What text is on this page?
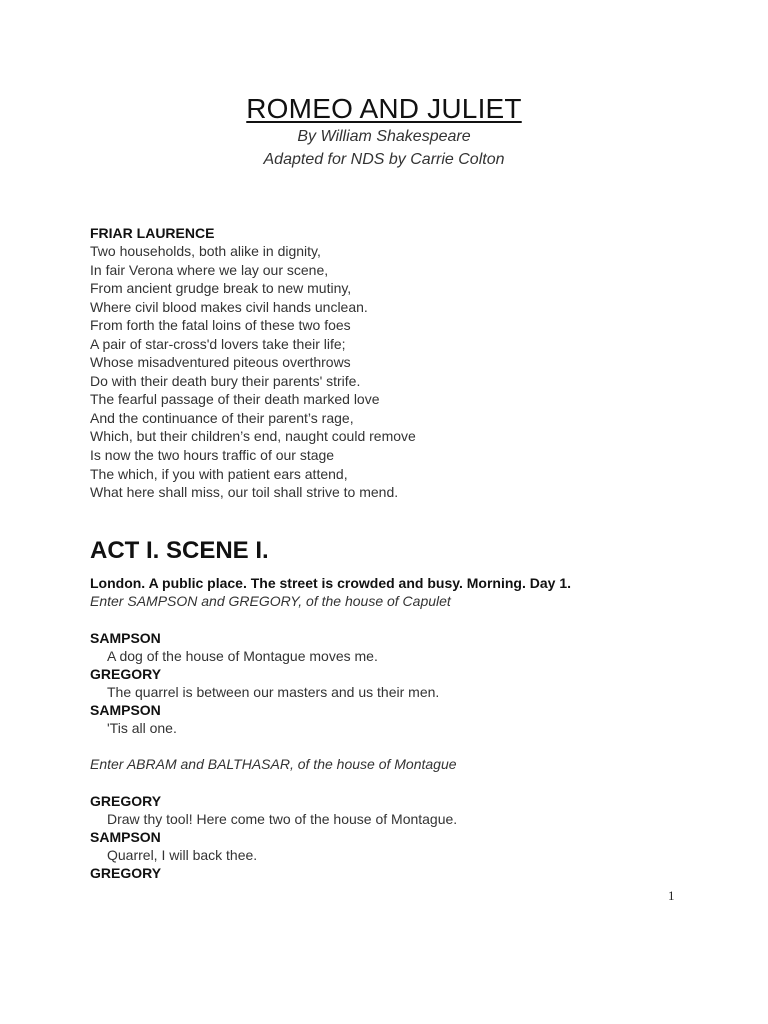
ROMEO AND JULIET
By William Shakespeare
Adapted for NDS by Carrie Colton
FRIAR LAURENCE
Two households, both alike in dignity,
In fair Verona where we lay our scene,
From ancient grudge break to new mutiny,
Where civil blood makes civil hands unclean.
From forth the fatal loins of these two foes
A pair of star-cross'd lovers take their life;
Whose misadventured piteous overthrows
Do with their death bury their parents' strife.
The fearful passage of their death marked love
And the continuance of their parent’s rage,
Which, but their children’s end, naught could remove
Is now the two hours traffic of our stage
The which, if you with patient ears attend,
What here shall miss, our toil shall strive to mend.
ACT I. SCENE I.
London. A public place. The street is crowded and busy. Morning. Day 1.
Enter SAMPSON and GREGORY, of the house of Capulet
SAMPSON
A dog of the house of Montague moves me.
GREGORY
The quarrel is between our masters and us their men.
SAMPSON
'Tis all one.
Enter ABRAM and BALTHASAR, of the house of Montague
GREGORY
Draw thy tool! Here come two of the house of Montague.
SAMPSON
Quarrel, I will back thee.
GREGORY
1
